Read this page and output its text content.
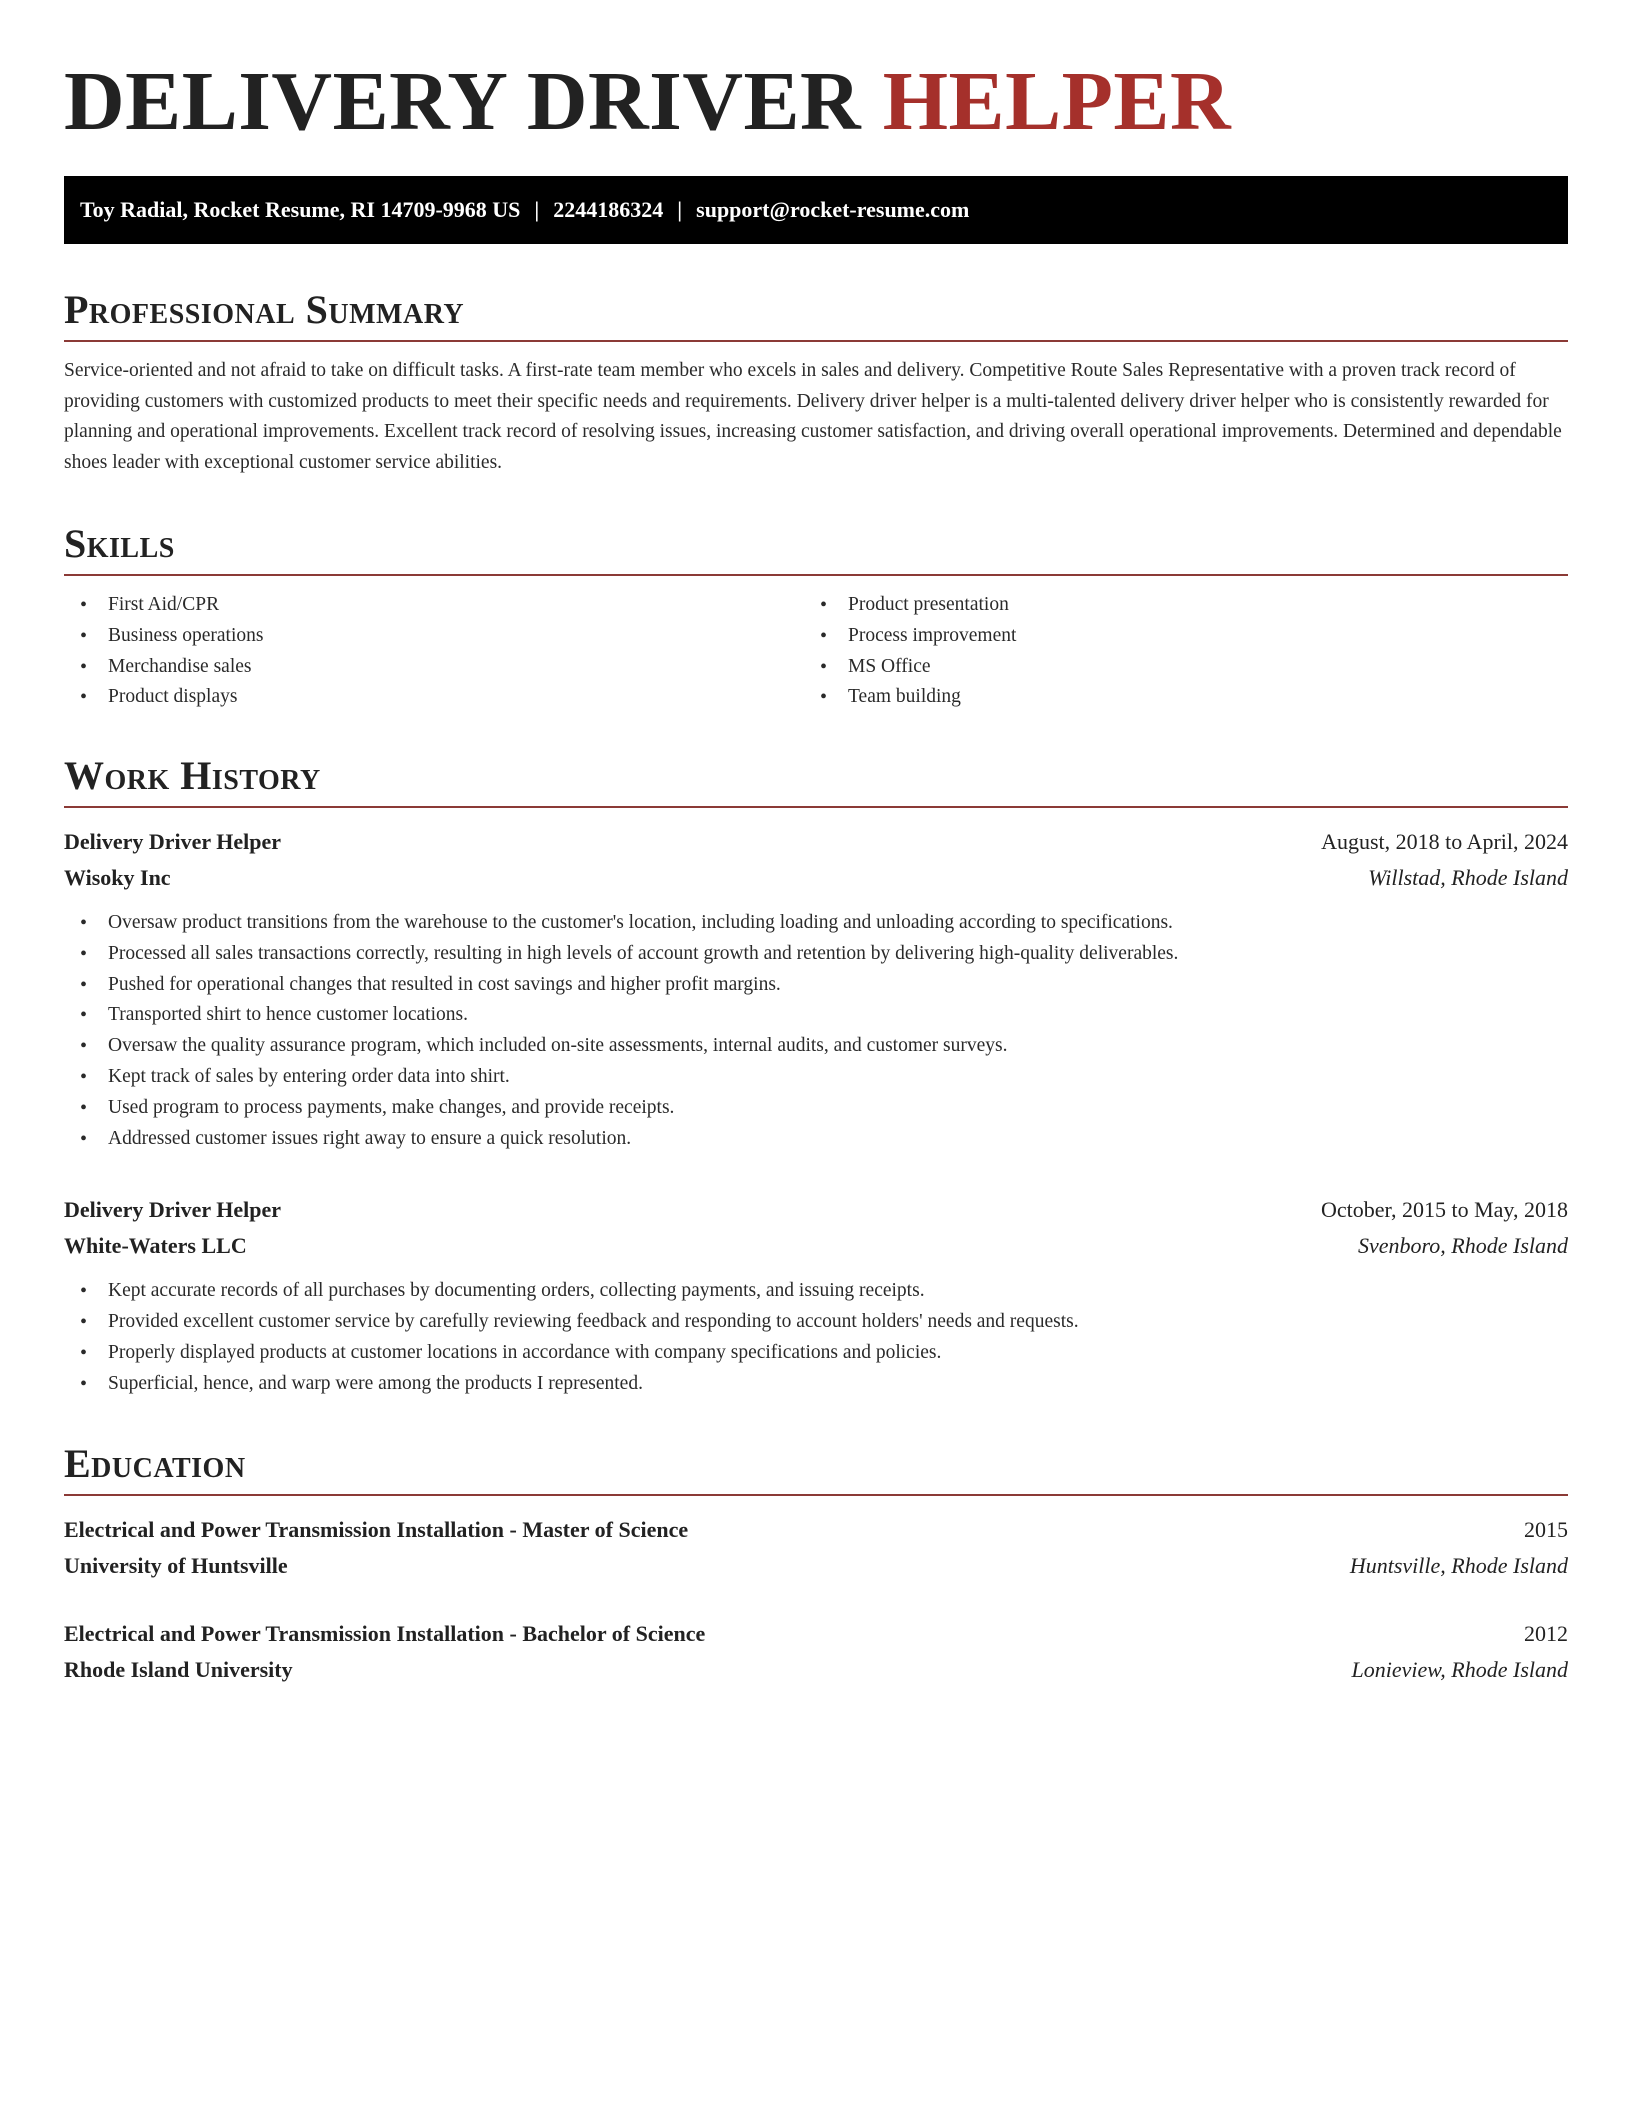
DELIVERY DRIVER HELPER
Toy Radial, Rocket Resume, RI 14709-9968 US | 2244186324 | support@rocket-resume.com
Professional Summary

Service-oriented and not afraid to take on difficult tasks. A first-rate team member who excels in sales and delivery. Competitive Route Sales Representative with a proven track record of providing customers with customized products to meet their specific needs and requirements. Delivery driver helper is a multi-talented delivery driver helper who is consistently rewarded for planning and operational improvements. Excellent track record of resolving issues, increasing customer satisfaction, and driving overall operational improvements. Determined and dependable shoes leader with exceptional customer service abilities.

Skills
• First Aid/CPR
• Business operations
• Merchandise sales
• Product displays
• Product presentation
• Process improvement
• MS Office
• Team building
Work History
Delivery Driver Helper	August, 2018 to April, 2024
Wisoky Inc	Willstad, Rhode Island
• Oversaw product transitions from the warehouse to the customer's location, including loading and unloading according to specifications.
• Processed all sales transactions correctly, resulting in high levels of account growth and retention by delivering high-quality deliverables.
• Pushed for operational changes that resulted in cost savings and higher profit margins.
• Transported shirt to hence customer locations.
• Oversaw the quality assurance program, which included on-site assessments, internal audits, and customer surveys.
• Kept track of sales by entering order data into shirt.
• Used program to process payments, make changes, and provide receipts.
• Addressed customer issues right away to ensure a quick resolution.
Delivery Driver Helper	October, 2015 to May, 2018
White-Waters LLC	Svenboro, Rhode Island
• Kept accurate records of all purchases by documenting orders, collecting payments, and issuing receipts.
• Provided excellent customer service by carefully reviewing feedback and responding to account holders' needs and requests.
• Properly displayed products at customer locations in accordance with company specifications and policies.
• Superficial, hence, and warp were among the products I represented.
Education
Electrical and Power Transmission Installation - Master of Science	2015
University of Huntsville	Huntsville, Rhode Island
Electrical and Power Transmission Installation - Bachelor of Science	2012
Rhode Island University	Lonieview, Rhode Island
